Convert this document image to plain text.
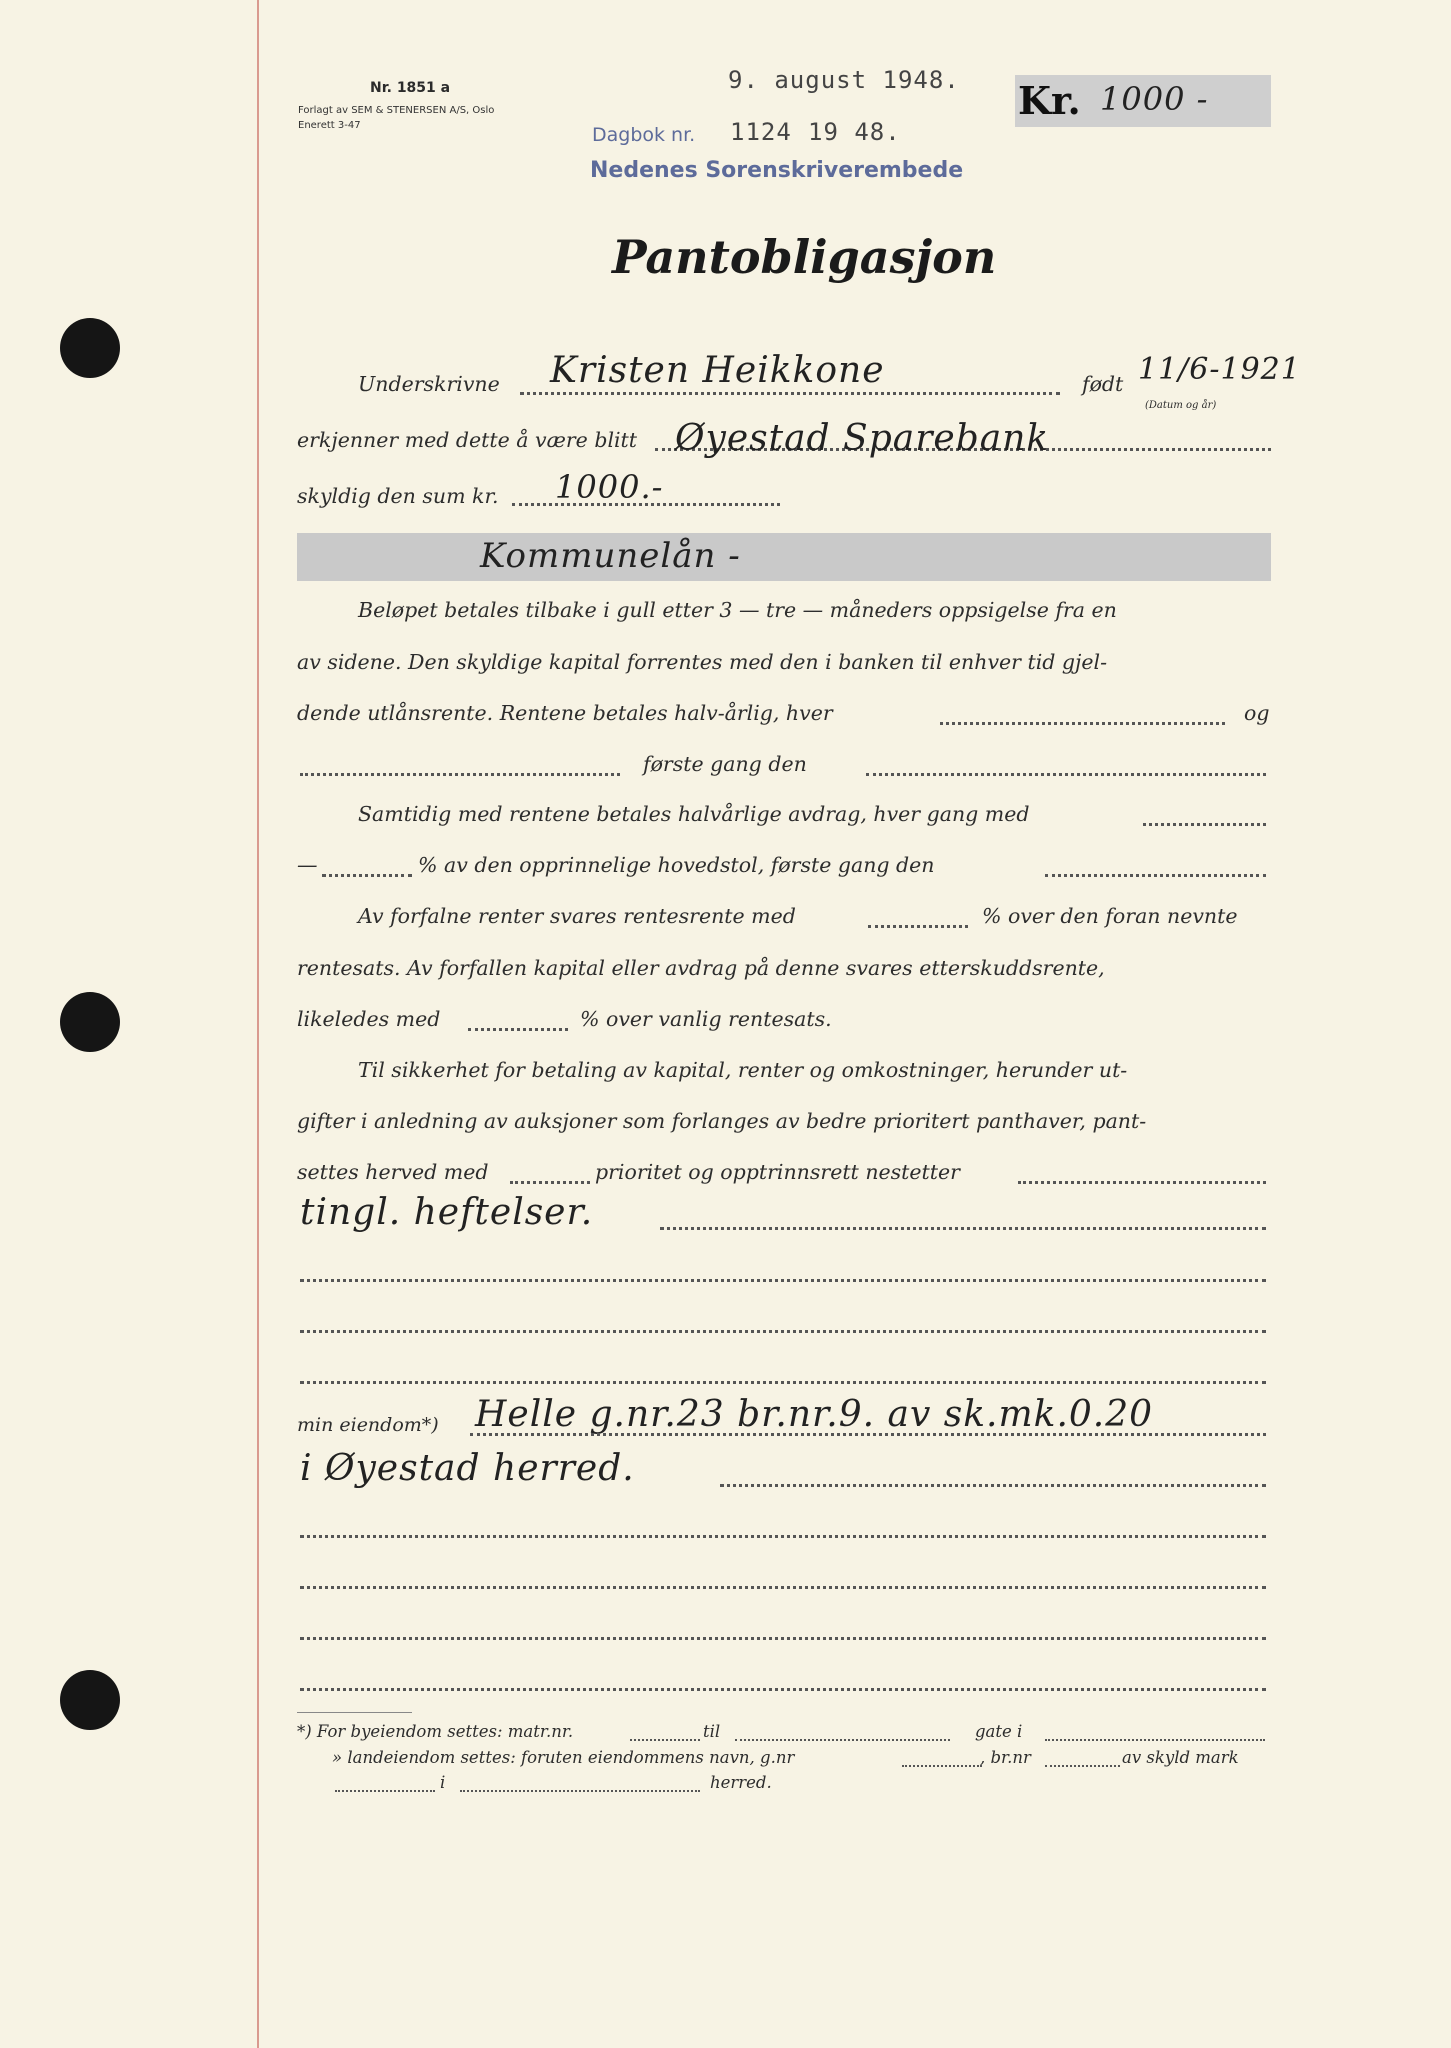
Nr. 1851 a
Forlagt av SEM & STENERSEN A/S, Oslo
Enerett 3-47
9. august 1948. Kr. 1000 -
Dagbok nr. 1124 19 48.
Nedenes Sorenskriverembede
Pantobligasjon
Underskrivne Kristen Heikkone	født 11/6-1921
(Datum og år)
erkjenner med dette å være blitt Øyestad Sparebank
skyldig den sum kr. 1000.-
Kommunelån -
Beløpet betales tilbake i gull etter 3 — tre — måneders oppsigelse fra en
av sidene. Den skyldige kapital forrentes med den i banken til enhver tid gjel-
dende utlånsrente. Rentene betales halv-årlig, hver	og
første gang den
Samtidig med rentene betales halvårlige avdrag, hver gang med
—	% av den opprinnelige hovedstol, første gang den
Av forfalne renter svares rentesrente med	% over den foran nevnte
rentesats. Av forfallen kapital eller avdrag på denne svares etterskuddsrente,
likeledes med	% over vanlig rentesats.
Til sikkerhet for betaling av kapital, renter og omkostninger, herunder ut-
gifter i anledning av auksjoner som forlanges av bedre prioritert panthaver, pant-
settes herved med	prioritet og opptrinnsrett nestetter
tingl. heftelser.
min eiendom*) Helle g.nr.23 br.nr.9. av sk.mk.0.20
i Øyestad herred.
*) For byeiendom settes: matr.nr.	til	gate i
» landeiendom settes: foruten eiendommens navn, g.nr	, br.nr	av skyld mark
i	herred.
